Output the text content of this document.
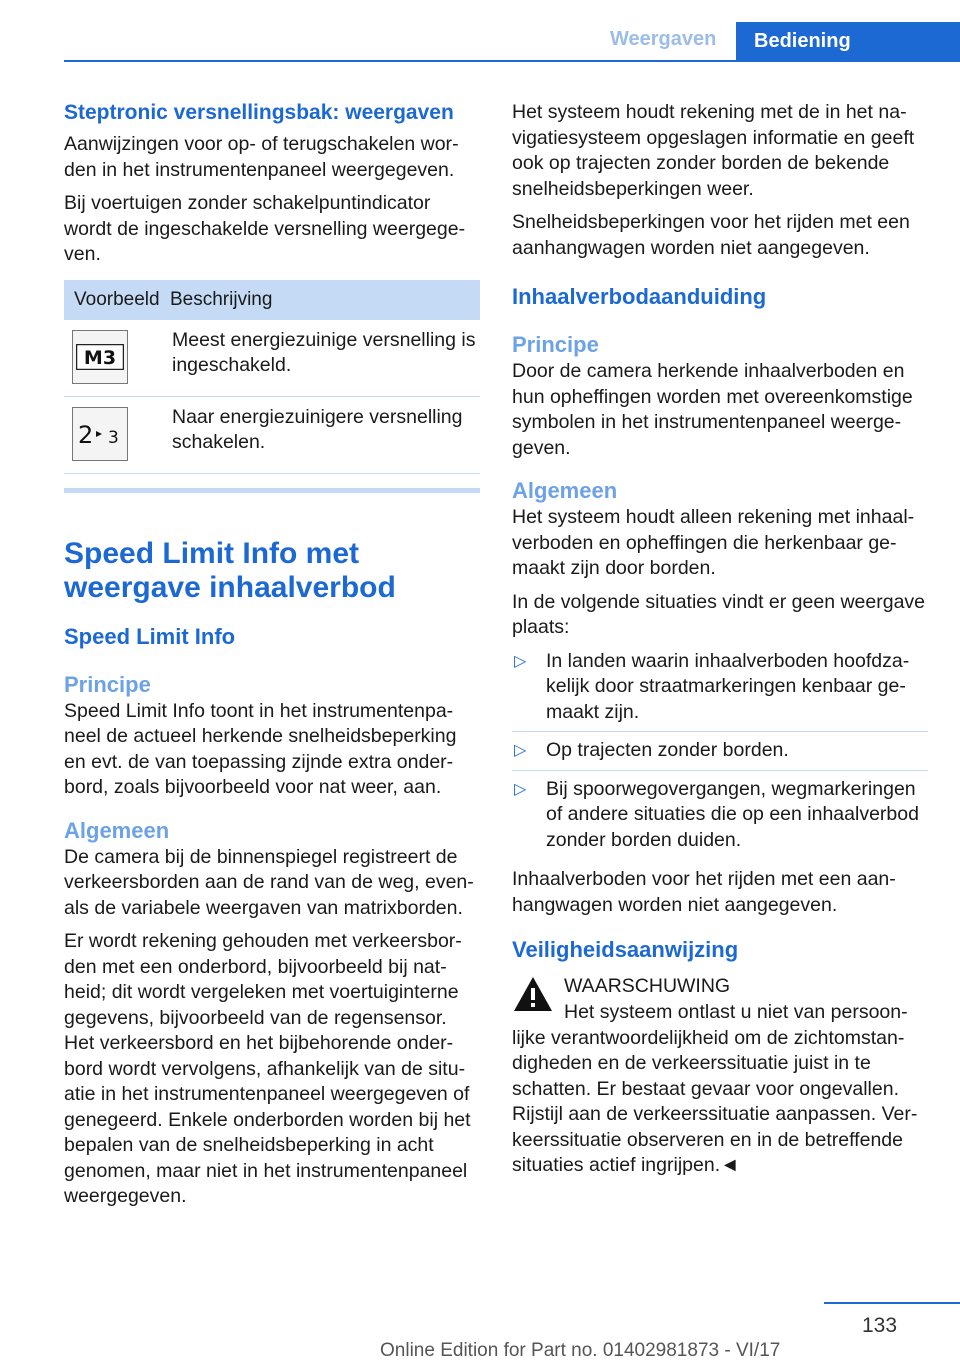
Weergaven Bediening
Steptronic versnellingsbak: weergaven

Aanwijzingen voor op- of terugschakelen worden in het instrumentenpaneel weergegeven.

Bij voertuigen zonder schakelpuntindicator wordt de ingeschakelde versnelling weergegeven.

Voorbeeld Beschrijving
M3
Meest energiezuinige versnelling is ingeschakeld.
2 3
Naar energiezuinigere versnelling schakelen.
Speed Limit Info met weergave inhaalverbod
Speed Limit Info
Principe

Speed Limit Info toont in het instrumentenpaneel de actueel herkende snelheidsbeperking en evt. de van toepassing zijnde extra onderbord, zoals bijvoorbeeld voor nat weer, aan.

Algemeen

De camera bij de binnenspiegel registreert de verkeersborden aan de rand van de weg, evenals de variabele weergaven van matrixborden.

Er wordt rekening gehouden met verkeersborden met een onderbord, bijvoorbeeld bij natheid; dit wordt vergeleken met voertuiginterne gegevens, bijvoorbeeld van de regensensor. Het verkeersbord en het bijbehorende onderbord wordt vervolgens, afhankelijk van de situatie in het instrumentenpaneel weergegeven of genegeerd. Enkele onderborden worden bij het bepalen van de snelheidsbeperking in acht genomen, maar niet in het instrumentenpaneel weergegeven.

Het systeem houdt rekening met de in het navigatiesysteem opgeslagen informatie en geeft ook op trajecten zonder borden de bekende snelheidsbeperkingen weer.

Snelheidsbeperkingen voor het rijden met een aanhangwagen worden niet aangegeven.

Inhaalverbodaanduiding
Principe

Door de camera herkende inhaalverboden en hun opheffingen worden met overeenkomstige symbolen in het instrumentenpaneel weergegeven.

Algemeen

Het systeem houdt alleen rekening met inhaalverboden en opheffingen die herkenbaar gemaakt zijn door borden.

In de volgende situaties vindt er geen weergave plaats:

▷ In landen waarin inhaalverboden hoofdzakelijk door straatmarkeringen kenbaar gemaakt zijn.
▷ Op trajecten zonder borden.
▷ Bij spoorwegovergangen, wegmarkeringen of andere situaties die op een inhaalverbod zonder borden duiden.

Inhaalverboden voor het rijden met een aanhangwagen worden niet aangegeven.

Veiligheidsaanwijzing
WAARSCHUWING

Het systeem ontlast u niet van persoonlijke verantwoordelijkheid om de zichtomstandigheden en de verkeerssituatie juist in te schatten. Er bestaat gevaar voor ongevallen. Rijstijl aan de verkeerssituatie aanpassen. Verkeerssituatie observeren en in de betreffende situaties actief ingrijpen.◄

133
Online Edition for Part no. 01402981873 - VI/17
